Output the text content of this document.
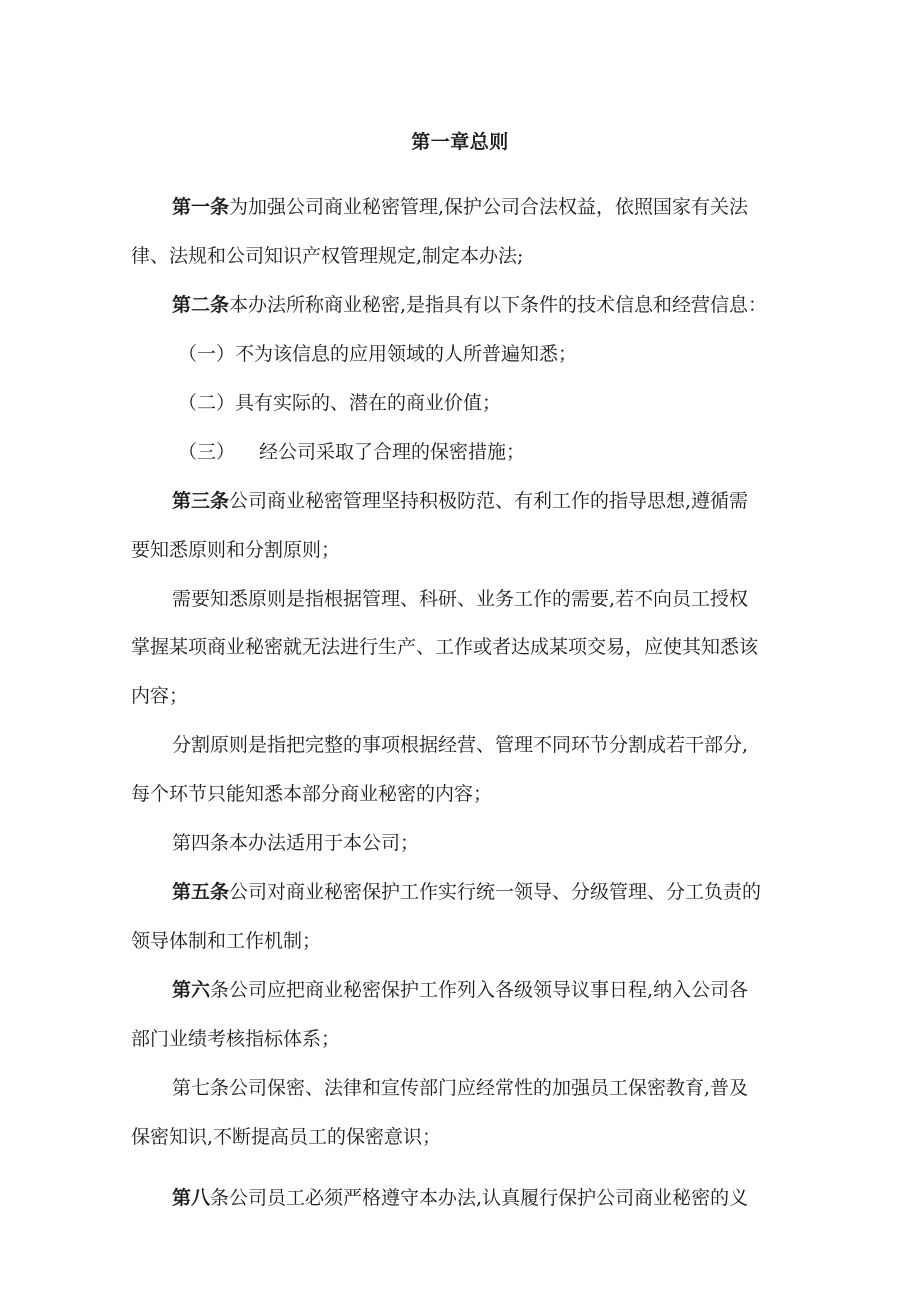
第一章总则
第一条为加强公司商业秘密管理,保护公司合法权益，依照国家有关法
律、法规和公司知识产权管理规定,制定本办法;
第二条本办法所称商业秘密,是指具有以下条件的技术信息和经营信息：
（一）不为该信息的应用领域的人所普遍知悉；
（二）具有实际的、潜在的商业价值；
（三） 经公司采取了合理的保密措施；
第三条公司商业秘密管理坚持积极防范、有利工作的指导思想,遵循需
要知悉原则和分割原则；
需要知悉原则是指根据管理、科研、业务工作的需要,若不向员工授权
掌握某项商业秘密就无法进行生产、工作或者达成某项交易，应使其知悉该
内容；
分割原则是指把完整的事项根据经营、管理不同环节分割成若干部分,
每个环节只能知悉本部分商业秘密的内容；
第四条本办法适用于本公司；
第五条公司对商业秘密保护工作实行统一领导、分级管理、分工负责的
领导体制和工作机制；
第六条公司应把商业秘密保护工作列入各级领导议事日程,纳入公司各
部门业绩考核指标体系；
第七条公司保密、法律和宣传部门应经常性的加强员工保密教育,普及
保密知识,不断提高员工的保密意识；
第八条公司员工必须严格遵守本办法,认真履行保护公司商业秘密的义
